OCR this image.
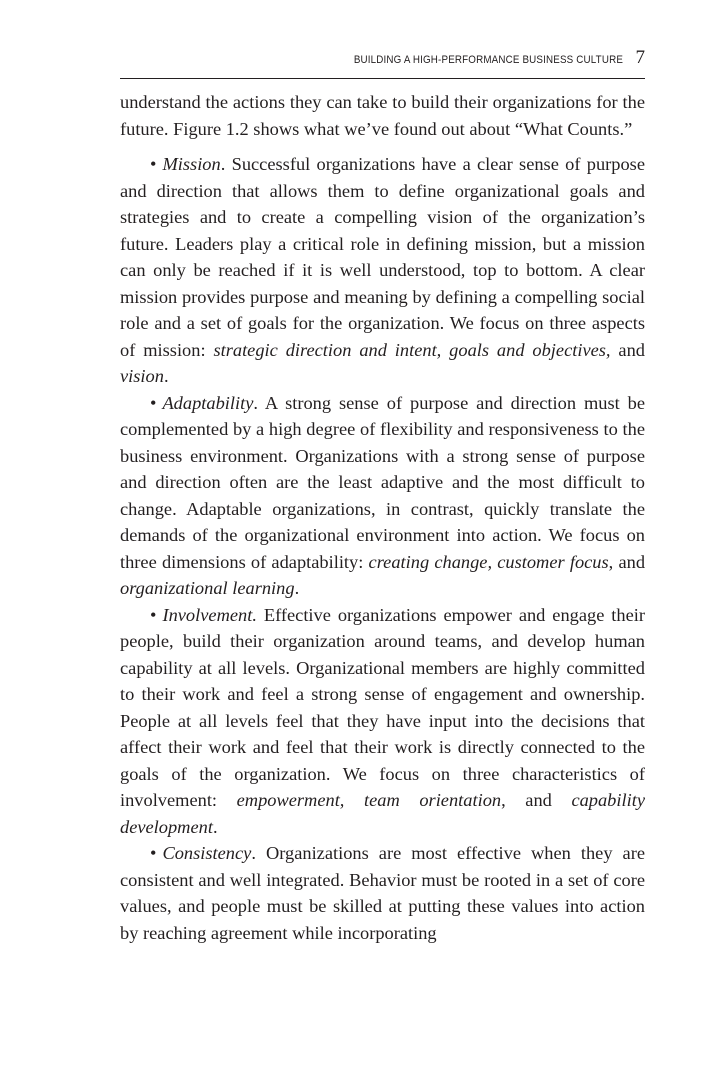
BUILDING A HIGH-PERFORMANCE BUSINESS CULTURE 7

understand the actions they can take to build their organizations for the future. Figure 1.2 shows what we’ve found out about “What Counts.”

• Mission. Successful organizations have a clear sense of purpose and direction that allows them to define organizational goals and strategies and to create a compelling vision of the organization’s future. Leaders play a critical role in defining mission, but a mission can only be reached if it is well understood, top to bottom. A clear mission provides purpose and meaning by defining a compelling social role and a set of goals for the organization. We focus on three aspects of mission: strategic direction and intent, goals and objectives, and vision.

• Adaptability. A strong sense of purpose and direction must be complemented by a high degree of flexibility and responsiveness to the business environment. Organizations with a strong sense of purpose and direction often are the least adaptive and the most difficult to change. Adaptable organizations, in contrast, quickly translate the demands of the organizational environment into action. We focus on three dimensions of adaptability: creating change, customer focus, and organizational learning.

• Involvement. Effective organizations empower and engage their people, build their organization around teams, and develop human capability at all levels. Organizational members are highly committed to their work and feel a strong sense of engagement and ownership. People at all levels feel that they have input into the decisions that affect their work and feel that their work is directly connected to the goals of the organization. We focus on three characteristics of involvement: empowerment, team orientation, and capability development.

• Consistency. Organizations are most effective when they are consistent and well integrated. Behavior must be rooted in a set of core values, and people must be skilled at putting these values into action by reaching agreement while incorporating
